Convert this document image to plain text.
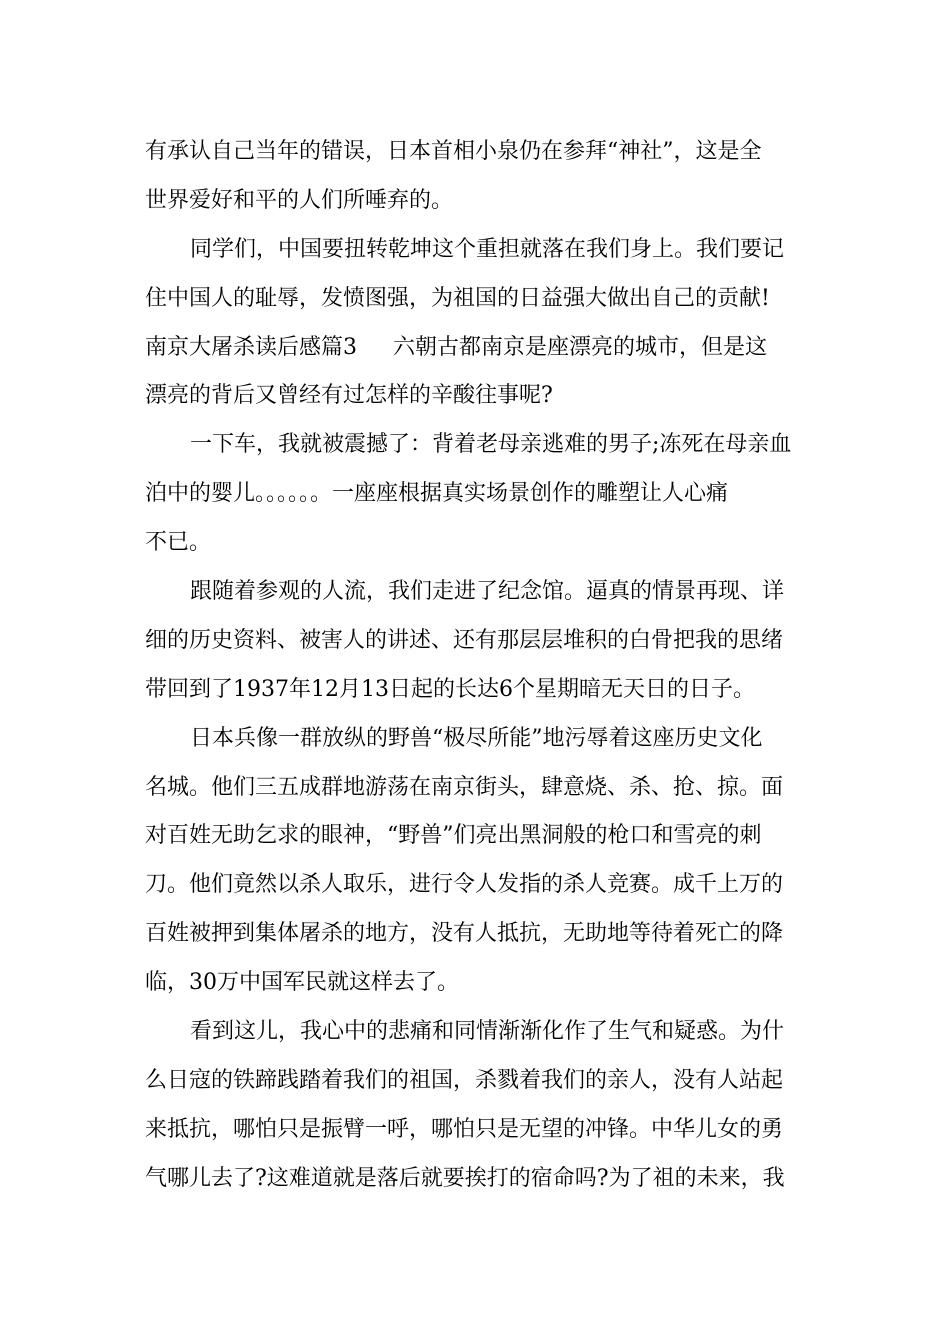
有承认自己当年的错误，日本首相小泉仍在参拜“神社”，这是全
世界爱好和平的人们所唾弃的。
同学们，中国要扭转乾坤这个重担就落在我们身上。我们要记
住中国人的耻辱，发愤图强，为祖国的日益强大做出自己的贡献!
南京大屠杀读后感篇3 六朝古都南京是座漂亮的城市，但是这
漂亮的背后又曾经有过怎样的辛酸往事呢?
一下车，我就被震撼了：背着老母亲逃难的男子;冻死在母亲血
泊中的婴儿。。。。。。一座座根据真实场景创作的雕塑让人心痛
不已。
跟随着参观的人流，我们走进了纪念馆。逼真的情景再现、详
细的历史资料、被害人的讲述、还有那层层堆积的白骨把我的思绪
带回到了1937年12月13日起的长达6个星期暗无天日的日子。
日本兵像一群放纵的野兽“极尽所能”地污辱着这座历史文化
名城。他们三五成群地游荡在南京街头，肆意烧、杀、抢、掠。面
对百姓无助乞求的眼神，“野兽”们亮出黑洞般的枪口和雪亮的刺
刀。他们竟然以杀人取乐，进行令人发指的杀人竞赛。成千上万的
百姓被押到集体屠杀的地方，没有人抵抗，无助地等待着死亡的降
临，30万中国军民就这样去了。
看到这儿，我心中的悲痛和同情渐渐化作了生气和疑惑。为什
么日寇的铁蹄践踏着我们的祖国，杀戮着我们的亲人，没有人站起
来抵抗，哪怕只是振臂一呼，哪怕只是无望的冲锋。中华儿女的勇
气哪儿去了?这难道就是落后就要挨打的宿命吗?为了祖的未来，我
